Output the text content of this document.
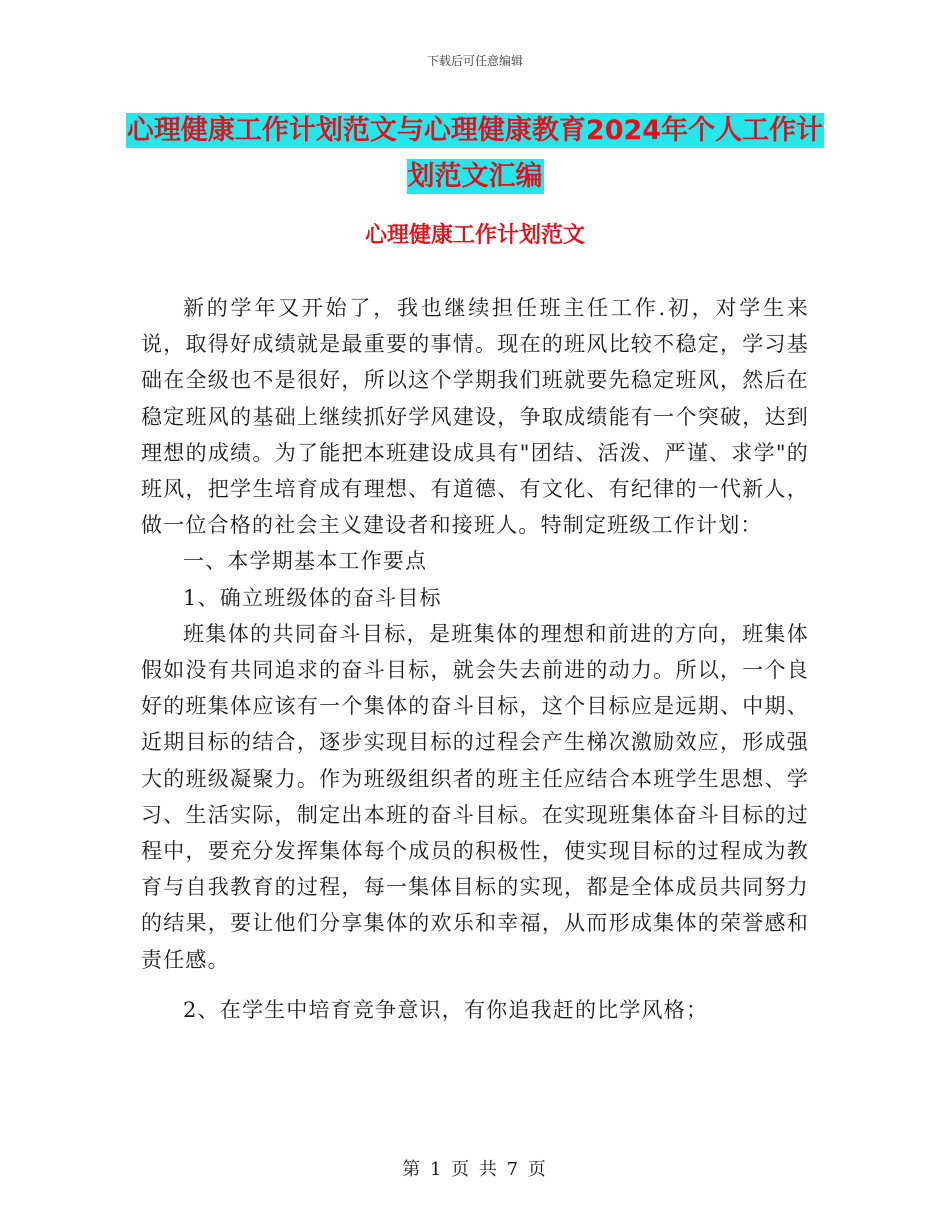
下载后可任意编辑
心理健康工作计划范文与心理健康教育2024年个人工作计划范文汇编
心理健康工作计划范文

新的学年又开始了，我也继续担任班主任工作.初，对学生来说，取得好成绩就是最重要的事情。现在的班风比较不稳定，学习基础在全级也不是很好，所以这个学期我们班就要先稳定班风，然后在稳定班风的基础上继续抓好学风建设，争取成绩能有一个突破，达到理想的成绩。为了能把本班建设成具有"团结、活泼、严谨、求学"的班风，把学生培育成有理想、有道德、有文化、有纪律的一代新人，做一位合格的社会主义建设者和接班人。特制定班级工作计划：

一、本学期基本工作要点

1、确立班级体的奋斗目标

班集体的共同奋斗目标，是班集体的理想和前进的方向，班集体假如没有共同追求的奋斗目标，就会失去前进的动力。所以，一个良好的班集体应该有一个集体的奋斗目标，这个目标应是远期、中期、近期目标的结合，逐步实现目标的过程会产生梯次激励效应，形成强大的班级凝聚力。作为班级组织者的班主任应结合本班学生思想、学习、生活实际，制定出本班的奋斗目标。在实现班集体奋斗目标的过程中，要充分发挥集体每个成员的积极性，使实现目标的过程成为教育与自我教育的过程，每一集体目标的实现，都是全体成员共同努力的结果，要让他们分享集体的欢乐和幸福，从而形成集体的荣誉感和责任感。

2、在学生中培育竞争意识，有你追我赶的比学风格；

第 1 页 共 7 页
